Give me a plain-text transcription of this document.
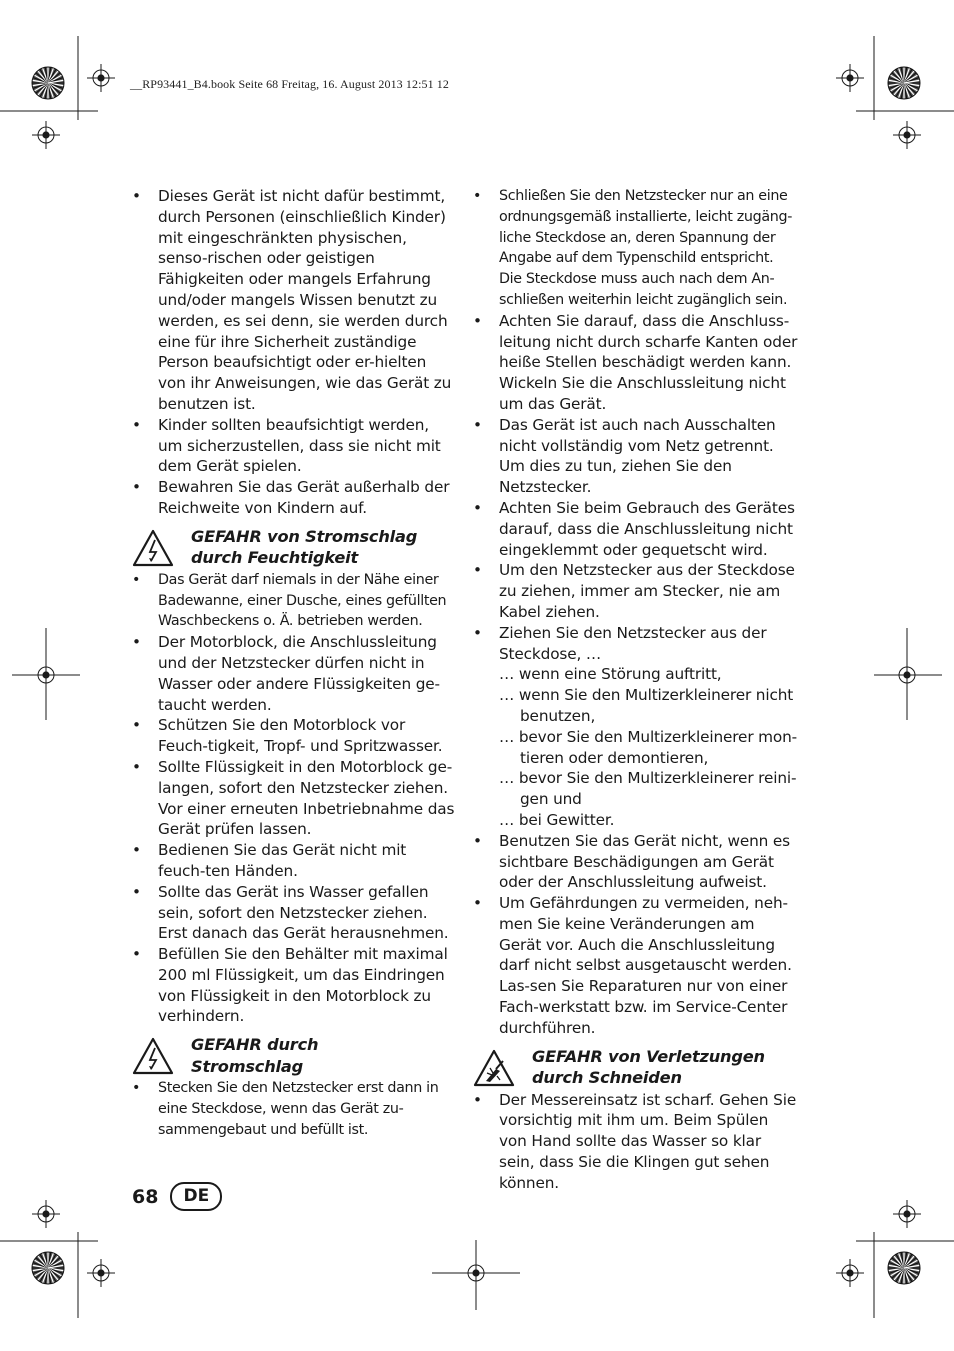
__RP93441_B4.book Seite 68 Freitag, 16. August 2013 12:51 12
• Dieses Gerät ist nicht dafür bestimmt, durch Personen (einschließlich Kinder) mit eingeschränkten physischen, senso-rischen oder geistigen Fähigkeiten oder mangels Erfahrung und/oder mangels Wissen benutzt zu werden, es sei denn, sie werden durch eine für ihre Sicherheit zuständige Person beaufsichtigt oder er-hielten von ihr Anweisungen, wie das Gerät zu benutzen ist.
• Kinder sollten beaufsichtigt werden, um sicherzustellen, dass sie nicht mit dem Gerät spielen.
• Bewahren Sie das Gerät außerhalb der Reichweite von Kindern auf.
GEFAHR von Stromschlag
durch Feuchtigkeit
• Das Gerät darf niemals in der Nähe einer Badewanne, einer Dusche, eines gefüllten Waschbeckens o. Ä. betrieben werden.
• Der Motorblock, die Anschlussleitung und der Netzstecker dürfen nicht in Wasser oder andere Flüssigkeiten ge-taucht werden.
• Schützen Sie den Motorblock vor Feuch-tigkeit, Tropf- und Spritzwasser.
• Sollte Flüssigkeit in den Motorblock ge-langen, sofort den Netzstecker ziehen. Vor einer erneuten Inbetriebnahme das Gerät prüfen lassen.
• Bedienen Sie das Gerät nicht mit feuch-ten Händen.
• Sollte das Gerät ins Wasser gefallen sein, sofort den Netzstecker ziehen. Erst danach das Gerät herausnehmen.
• Befüllen Sie den Behälter mit maximal 200 ml Flüssigkeit, um das Eindringen von Flüssigkeit in den Motorblock zu verhindern.
GEFAHR durch
Stromschlag
• Stecken Sie den Netzstecker erst dann in eine Steckdose, wenn das Gerät zu-sammengebaut und befüllt ist.
• Schließen Sie den Netzstecker nur an eine ordnungsgemäß installierte, leicht zugäng-liche Steckdose an, deren Spannung der Angabe auf dem Typenschild entspricht. Die Steckdose muss auch nach dem An-schließen weiterhin leicht zugänglich sein.
• Achten Sie darauf, dass die Anschluss-leitung nicht durch scharfe Kanten oder heiße Stellen beschädigt werden kann. Wickeln Sie die Anschlussleitung nicht um das Gerät.
• Das Gerät ist auch nach Ausschalten nicht vollständig vom Netz getrennt. Um dies zu tun, ziehen Sie den Netzstecker.
• Achten Sie beim Gebrauch des Gerätes darauf, dass die Anschlussleitung nicht eingeklemmt oder gequetscht wird.
• Um den Netzstecker aus der Steckdose zu ziehen, immer am Stecker, nie am Kabel ziehen.
• Ziehen Sie den Netzstecker aus der Steckdose, …
… wenn eine Störung auftritt,
… wenn Sie den Multizerkleinerer nicht benutzen,
… bevor Sie den Multizerkleinerer mon-tieren oder demontieren,
… bevor Sie den Multizerkleinerer reini-gen und
… bei Gewitter.
• Benutzen Sie das Gerät nicht, wenn es sichtbare Beschädigungen am Gerät oder der Anschlussleitung aufweist.
• Um Gefährdungen zu vermeiden, neh-men Sie keine Veränderungen am Gerät vor. Auch die Anschlussleitung darf nicht selbst ausgetauscht werden. Las-sen Sie Reparaturen nur von einer Fach-werkstatt bzw. im Service-Center durchführen.
GEFAHR von Verletzungen
durch Schneiden
• Der Messereinsatz ist scharf. Gehen Sie vorsichtig mit ihm um. Beim Spülen von Hand sollte das Wasser so klar sein, dass Sie die Klingen gut sehen können.
68	DE
